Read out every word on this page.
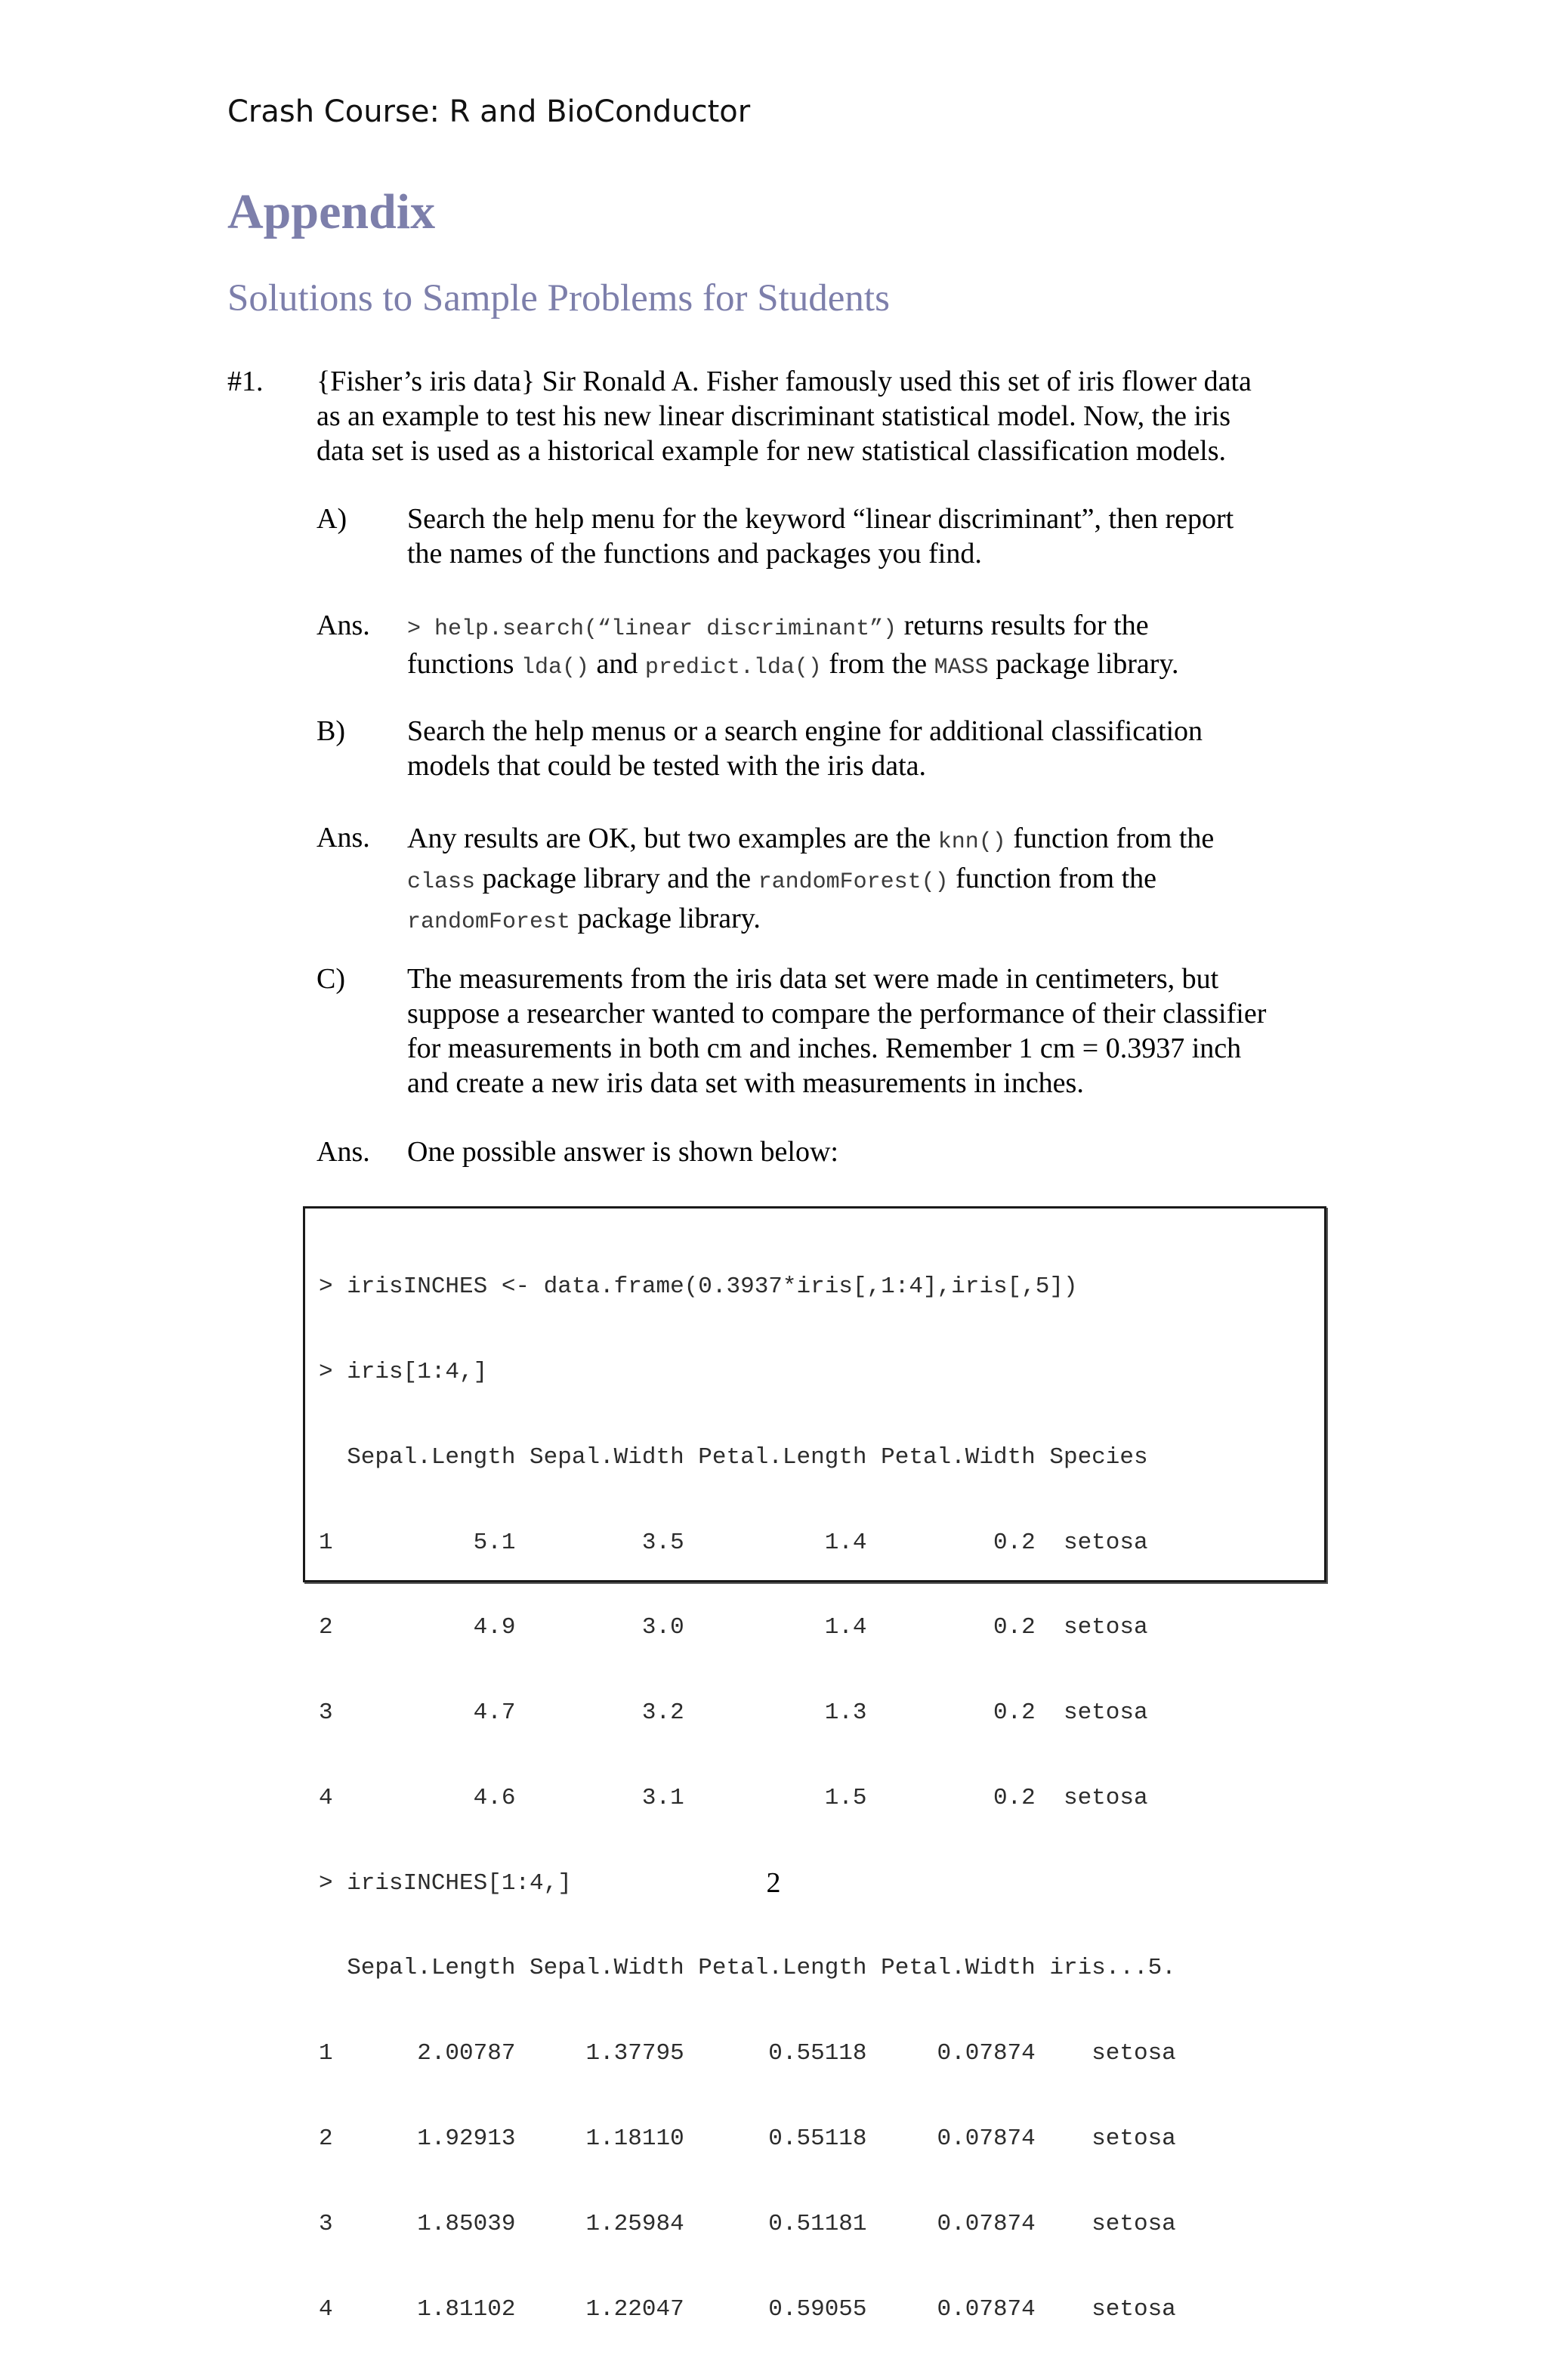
Crash Course: R and BioConductor
Appendix
Solutions to Sample Problems for Students
#1. {Fisher’s iris data} Sir Ronald A. Fisher famously used this set of iris flower data
as an example to test his new linear discriminant statistical model. Now, the iris
data set is used as a historical example for new statistical classification models.
A) Search the help menu for the keyword “linear discriminant”, then report
the names of the functions and packages you find.
Ans. > help.search(“linear discriminant”) returns results for the
functions lda() and predict.lda() from the MASS package library.
B) Search the help menus or a search engine for additional classification
models that could be tested with the iris data.
Ans. Any results are OK, but two examples are the knn() function from the
class package library and the randomForest() function from the
randomForest package library.
C) The measurements from the iris data set were made in centimeters, but
suppose a researcher wanted to compare the performance of their classifier
for measurements in both cm and inches. Remember 1 cm = 0.3937 inch
and create a new iris data set with measurements in inches.
Ans. One possible answer is shown below:

> irisINCHES <- data.frame(0.3937*iris[,1:4],iris[,5])

> iris[1:4,]

Sepal.Length Sepal.Width Petal.Length Petal.Width Species

1          5.1         3.5          1.4         0.2  setosa

2          4.9         3.0          1.4         0.2  setosa

3          4.7         3.2          1.3         0.2  setosa

4          4.6         3.1          1.5         0.2  setosa

> irisINCHES[1:4,]

Sepal.Length Sepal.Width Petal.Length Petal.Width iris...5.

1      2.00787     1.37795      0.55118     0.07874    setosa

2      1.92913     1.18110      0.55118     0.07874    setosa

3      1.85039     1.25984      0.51181     0.07874    setosa

4      1.81102     1.22047      0.59055     0.07874    setosa

2
